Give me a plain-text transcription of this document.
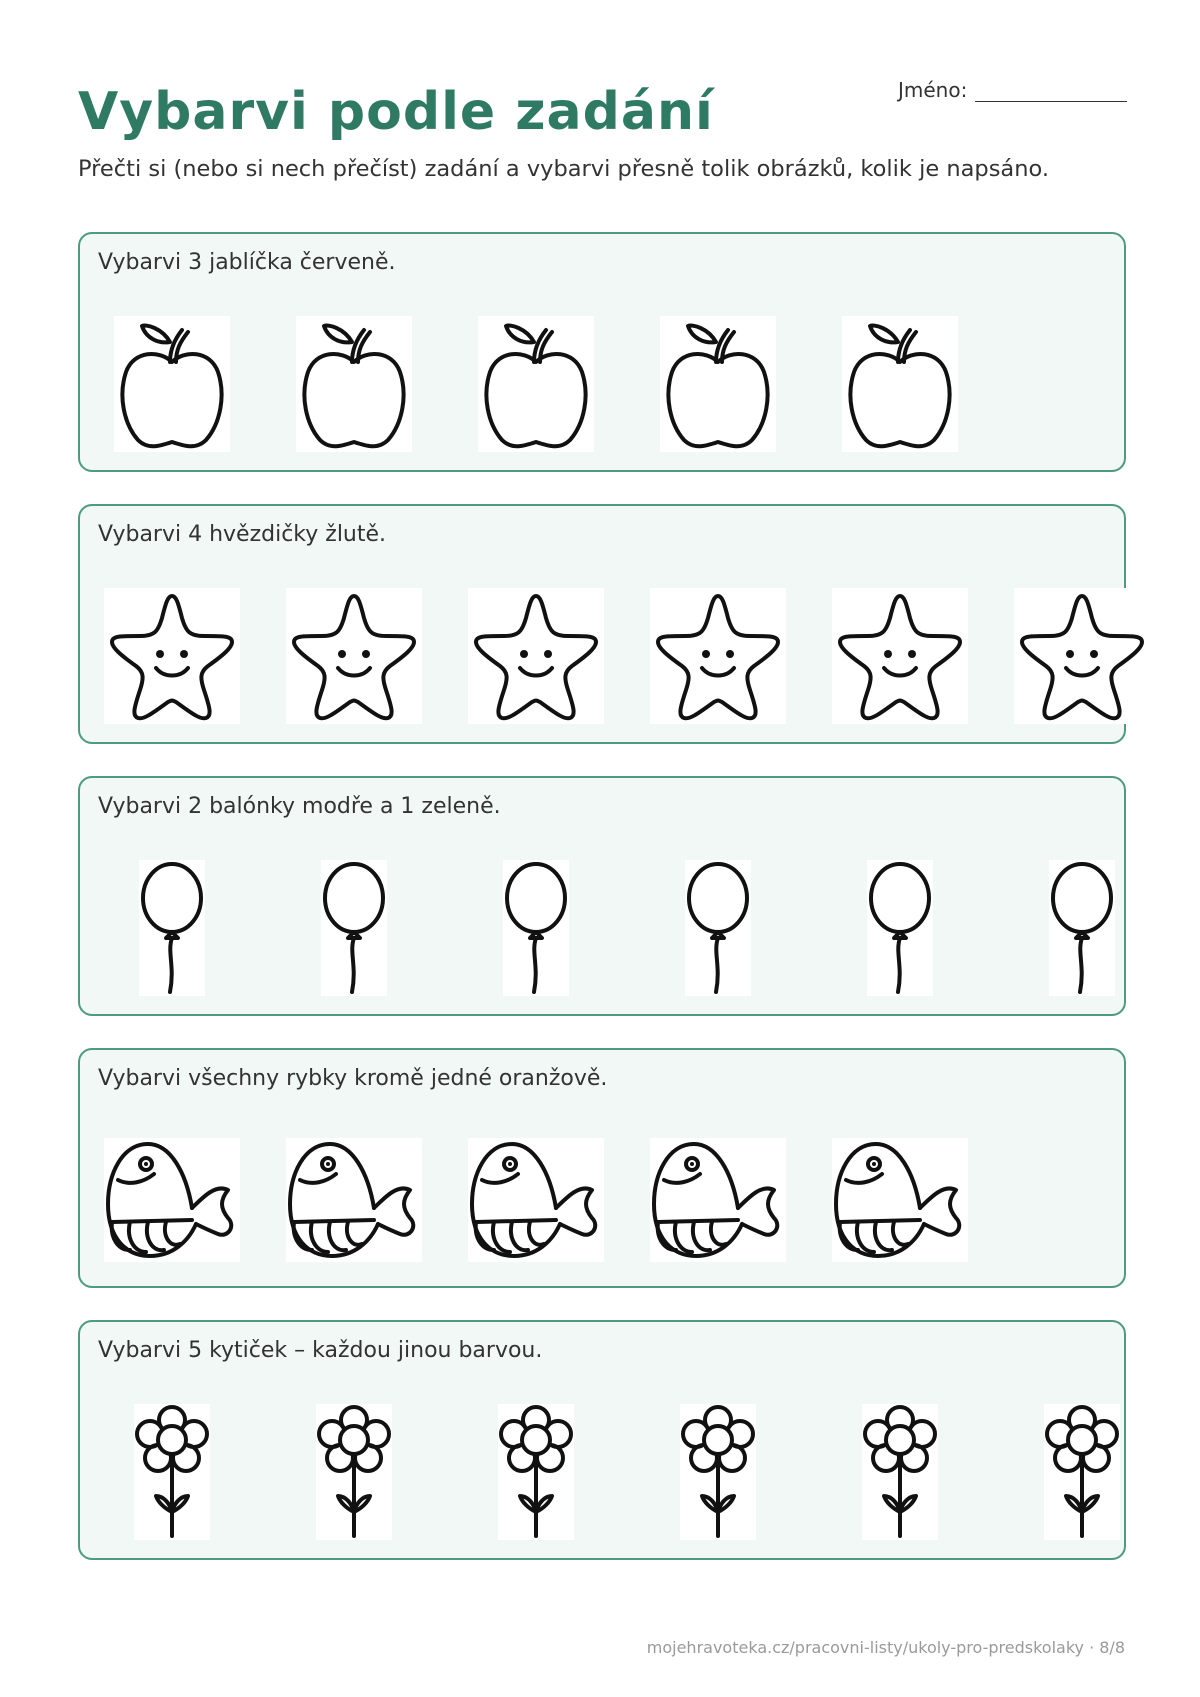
Vybarvi podle zadání	Jméno:

Přečti si (nebo si nech přečíst) zadání a vybarvi přesně tolik obrázků, kolik je napsáno.

Vybarvi 3 jablíčka červeně.
Vybarvi 4 hvězdičky žlutě.
Vybarvi 2 balónky modře a 1 zeleně.
Vybarvi všechny rybky kromě jedné oranžově.
Vybarvi 5 kytiček – každou jinou barvou.
mojehravoteka.cz/pracovni-listy/ukoly-pro-predskolaky · 8/8
